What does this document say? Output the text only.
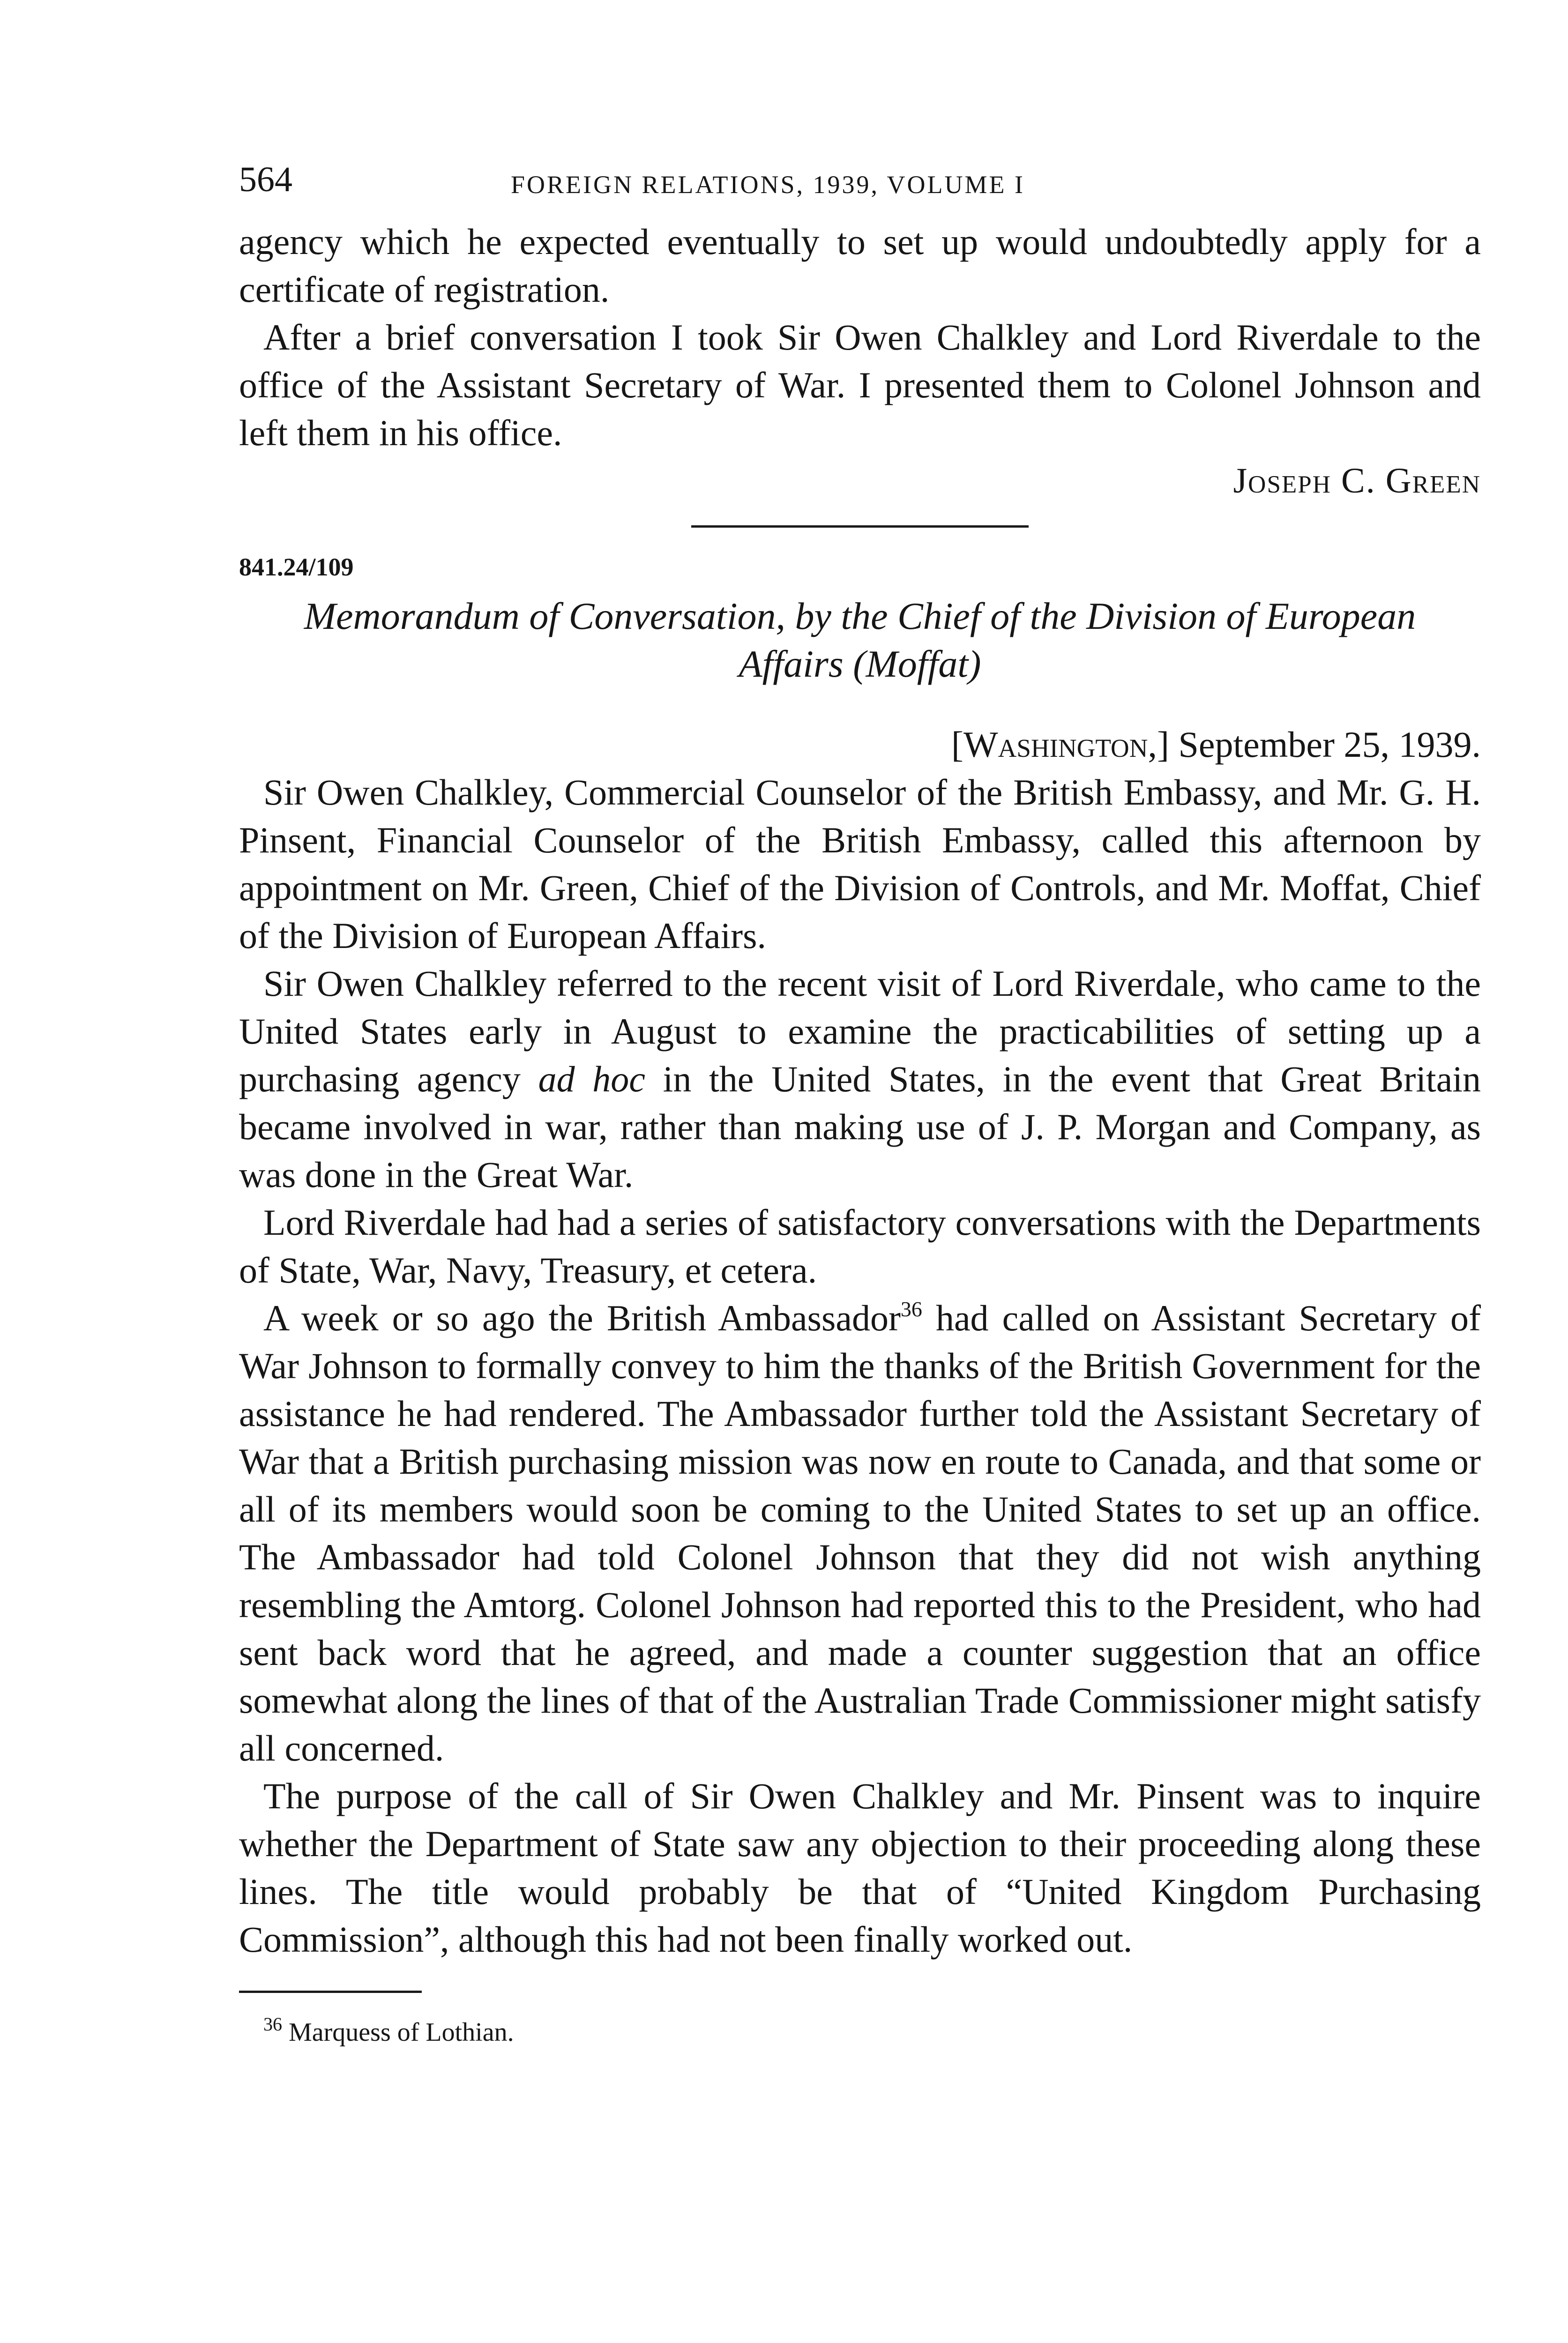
564	FOREIGN RELATIONS, 1939, VOLUME I

agency which he expected eventually to set up would undoubtedly apply for a certificate of registration.

After a brief conversation I took Sir Owen Chalkley and Lord Riverdale to the office of the Assistant Secretary of War. I presented them to Colonel Johnson and left them in his office.

Joseph C. Green
841.24/109
Memorandum of Conversation, by the Chief of the Division of European Affairs (Moffat)
[Washington,] September 25, 1939.

Sir Owen Chalkley, Commercial Counselor of the British Embassy, and Mr. G. H. Pinsent, Financial Counselor of the British Embassy, called this afternoon by appointment on Mr. Green, Chief of the Division of Controls, and Mr. Moffat, Chief of the Division of European Affairs.

Sir Owen Chalkley referred to the recent visit of Lord Riverdale, who came to the United States early in August to examine the practicabilities of setting up a purchasing agency ad hoc in the United States, in the event that Great Britain became involved in war, rather than making use of J. P. Morgan and Company, as was done in the Great War.

Lord Riverdale had had a series of satisfactory conversations with the Departments of State, War, Navy, Treasury, et cetera.

A week or so ago the British Ambassador$^{36}$ had called on Assistant Secretary of War Johnson to formally convey to him the thanks of the British Government for the assistance he had rendered. The Ambassador further told the Assistant Secretary of War that a British purchasing mission was now en route to Canada, and that some or all of its members would soon be coming to the United States to set up an office. The Ambassador had told Colonel Johnson that they did not wish anything resembling the Amtorg. Colonel Johnson had reported this to the President, who had sent back word that he agreed, and made a counter suggestion that an office somewhat along the lines of that of the Australian Trade Commissioner might satisfy all concerned.

The purpose of the call of Sir Owen Chalkley and Mr. Pinsent was to inquire whether the Department of State saw any objection to their proceeding along these lines. The title would probably be that of “United Kingdom Purchasing Commission”, although this had not been finally worked out.

$^{36}$ Marquess of Lothian.
